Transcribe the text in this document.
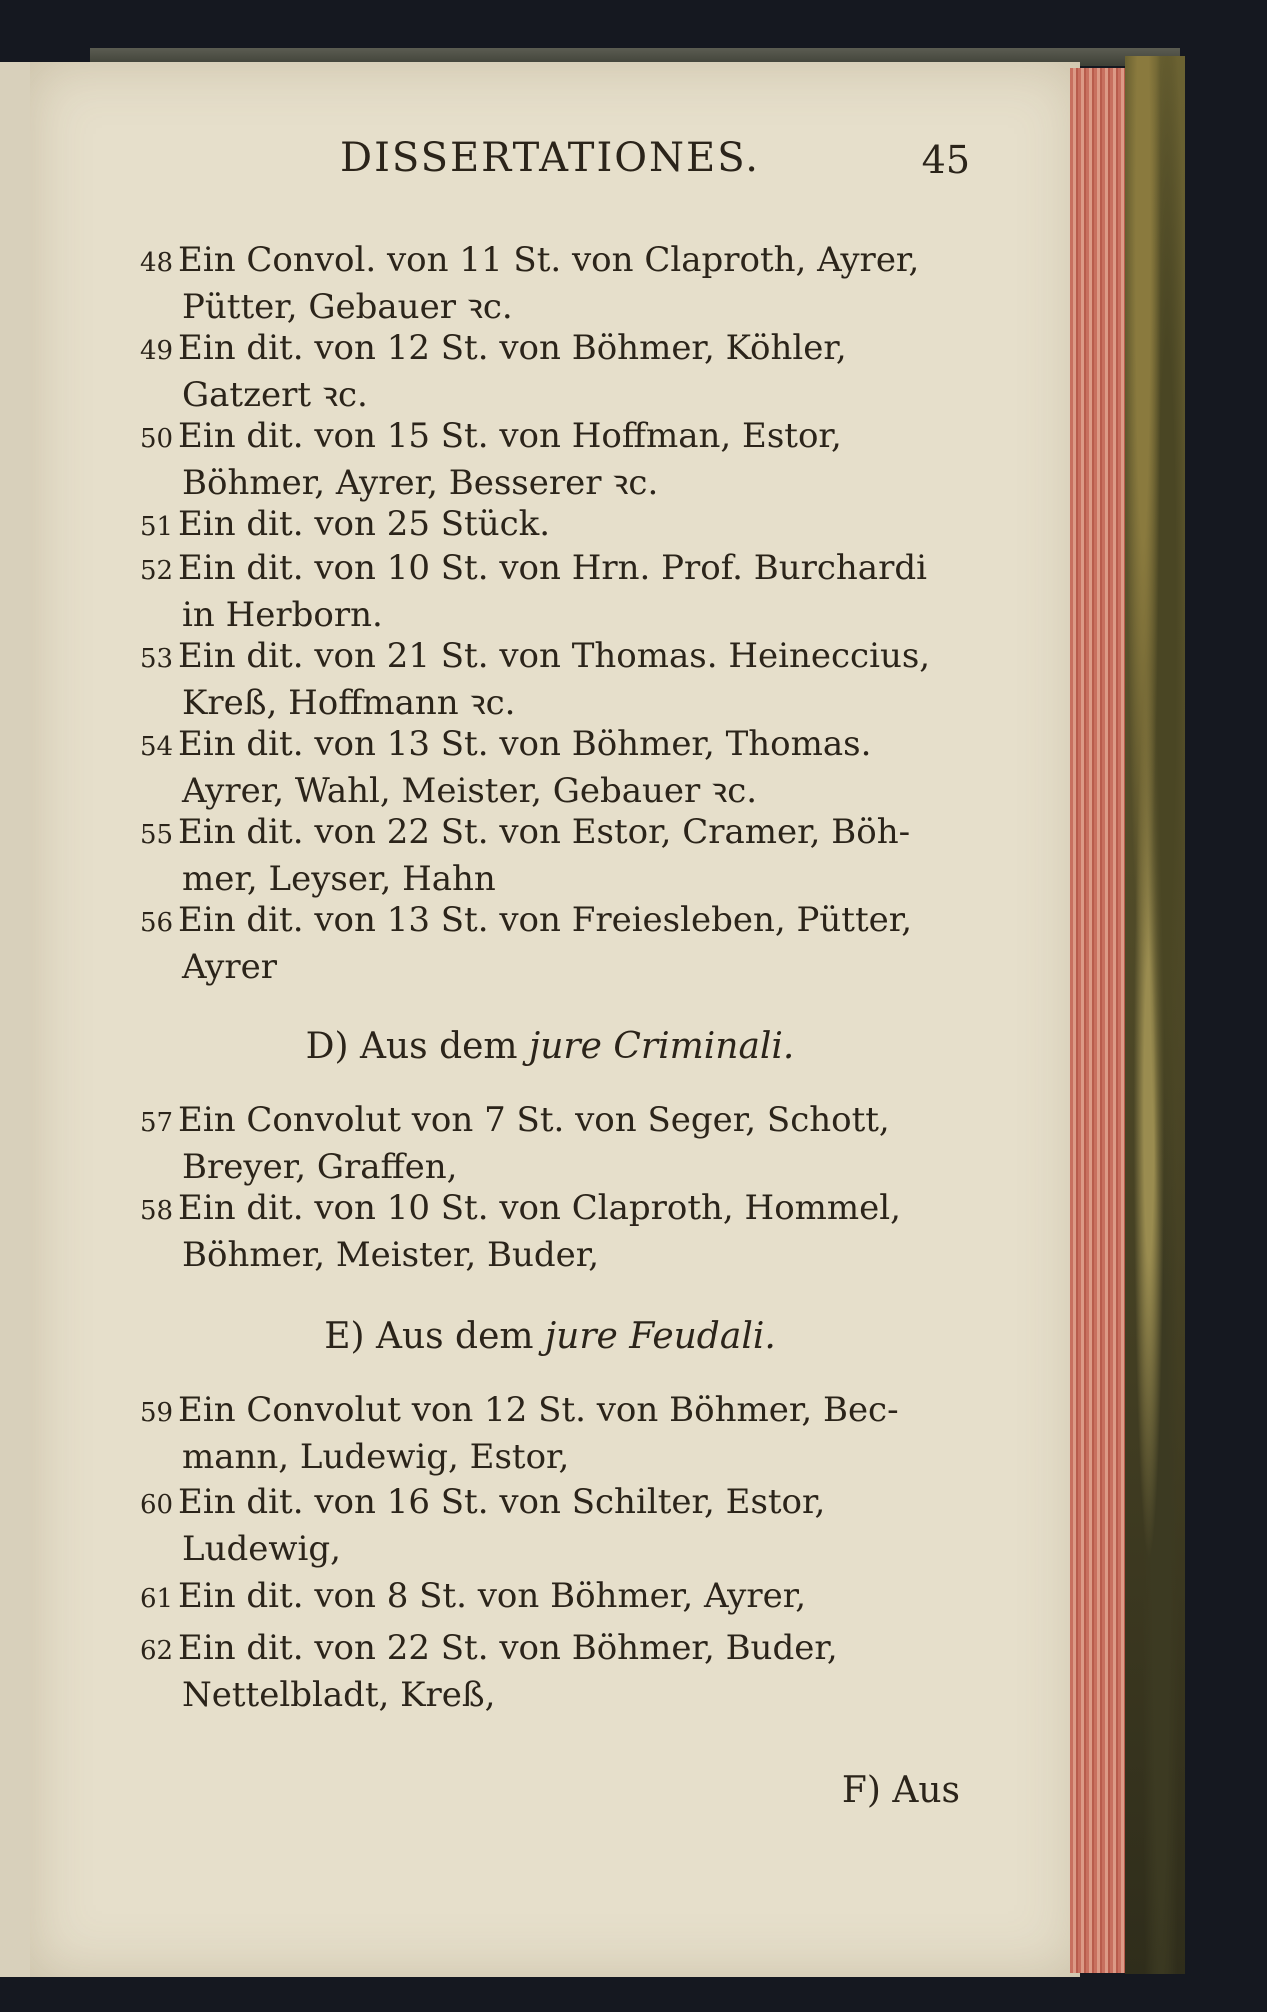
DISSERTATIONES.	45
48 Ein Convol. von 11 St. von Claproth, Ayrer,
Pütter, Gebauer ꝛc.
49 Ein dit. von 12 St. von Böhmer, Köhler,
Gatzert ꝛc.
50 Ein dit. von 15 St. von Hoffman, Estor,
Böhmer, Ayrer, Besserer ꝛc.
51 Ein dit. von 25 Stück.
52 Ein dit. von 10 St. von Hrn. Prof. Burchardi
in Herborn.
53 Ein dit. von 21 St. von Thomas. Heineccius,
Kreß, Hoffmann ꝛc.
54 Ein dit. von 13 St. von Böhmer, Thomas.
Ayrer, Wahl, Meister, Gebauer ꝛc.
55 Ein dit. von 22 St. von Estor, Cramer, Böh-
mer, Leyser, Hahn
56 Ein dit. von 13 St. von Freiesleben, Pütter,
Ayrer
D) Aus dem jure Criminali.
57 Ein Convolut von 7 St. von Seger, Schott,
Breyer, Graffen,
58 Ein dit. von 10 St. von Claproth, Hommel,
Böhmer, Meister, Buder,
E) Aus dem jure Feudali.
59 Ein Convolut von 12 St. von Böhmer, Bec-
mann, Ludewig, Estor,
60 Ein dit. von 16 St. von Schilter, Estor,
Ludewig,
61 Ein dit. von 8 St. von Böhmer, Ayrer,
62 Ein dit. von 22 St. von Böhmer, Buder,
Nettelbladt, Kreß,
F) Aus
